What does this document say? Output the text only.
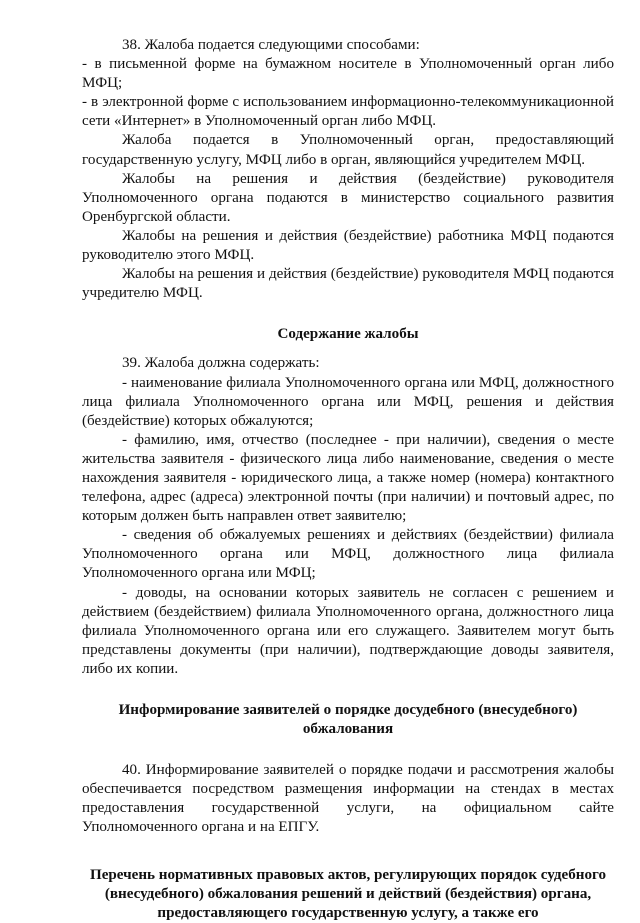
38. Жалоба подается следующими способами:

- в письменной форме на бумажном носителе в Уполномоченный орган либо МФЦ;

- в электронной форме с использованием информационно-телекоммуникационной сети «Интернет» в Уполномоченный орган либо МФЦ.

Жалоба подается в Уполномоченный орган, предоставляющий государственную услугу, МФЦ либо в орган, являющийся учредителем МФЦ.

Жалобы на решения и действия (бездействие) руководителя Уполномоченного органа подаются в министерство социального развития Оренбургской области.

Жалобы на решения и действия (бездействие) работника МФЦ подаются руководителю этого МФЦ.

Жалобы на решения и действия (бездействие) руководителя МФЦ подаются учредителю МФЦ.

Содержание жалобы

39. Жалоба должна содержать:

- наименование филиала Уполномоченного органа или МФЦ, должностного лица филиала Уполномоченного органа или МФЦ, решения и действия (бездействие) которых обжалуются;

- фамилию, имя, отчество (последнее - при наличии), сведения о месте жительства заявителя - физического лица либо наименование, сведения о месте нахождения заявителя - юридического лица, а также номер (номера) контактного телефона, адрес (адреса) электронной почты (при наличии) и почтовый адрес, по которым должен быть направлен ответ заявителю;

- сведения об обжалуемых решениях и действиях (бездействии) филиала Уполномоченного органа или МФЦ, должностного лица филиала Уполномоченного органа или МФЦ;

- доводы, на основании которых заявитель не согласен с решением и действием (бездействием) филиала Уполномоченного органа, должностного лица филиала Уполномоченного органа или его служащего. Заявителем могут быть представлены документы (при наличии), подтверждающие доводы заявителя, либо их копии.

Информирование заявителей о порядке досудебного (внесудебного) обжалования

40. Информирование заявителей о порядке подачи и рассмотрения жалобы обеспечивается посредством размещения информации на стендах в местах предоставления государственной услуги, на официальном сайте Уполномоченного органа и на ЕПГУ.

Перечень нормативных правовых актов, регулирующих порядок судебного (внесудебного) обжалования решений и действий (бездействия) органа, предоставляющего государственную услугу, а также его
